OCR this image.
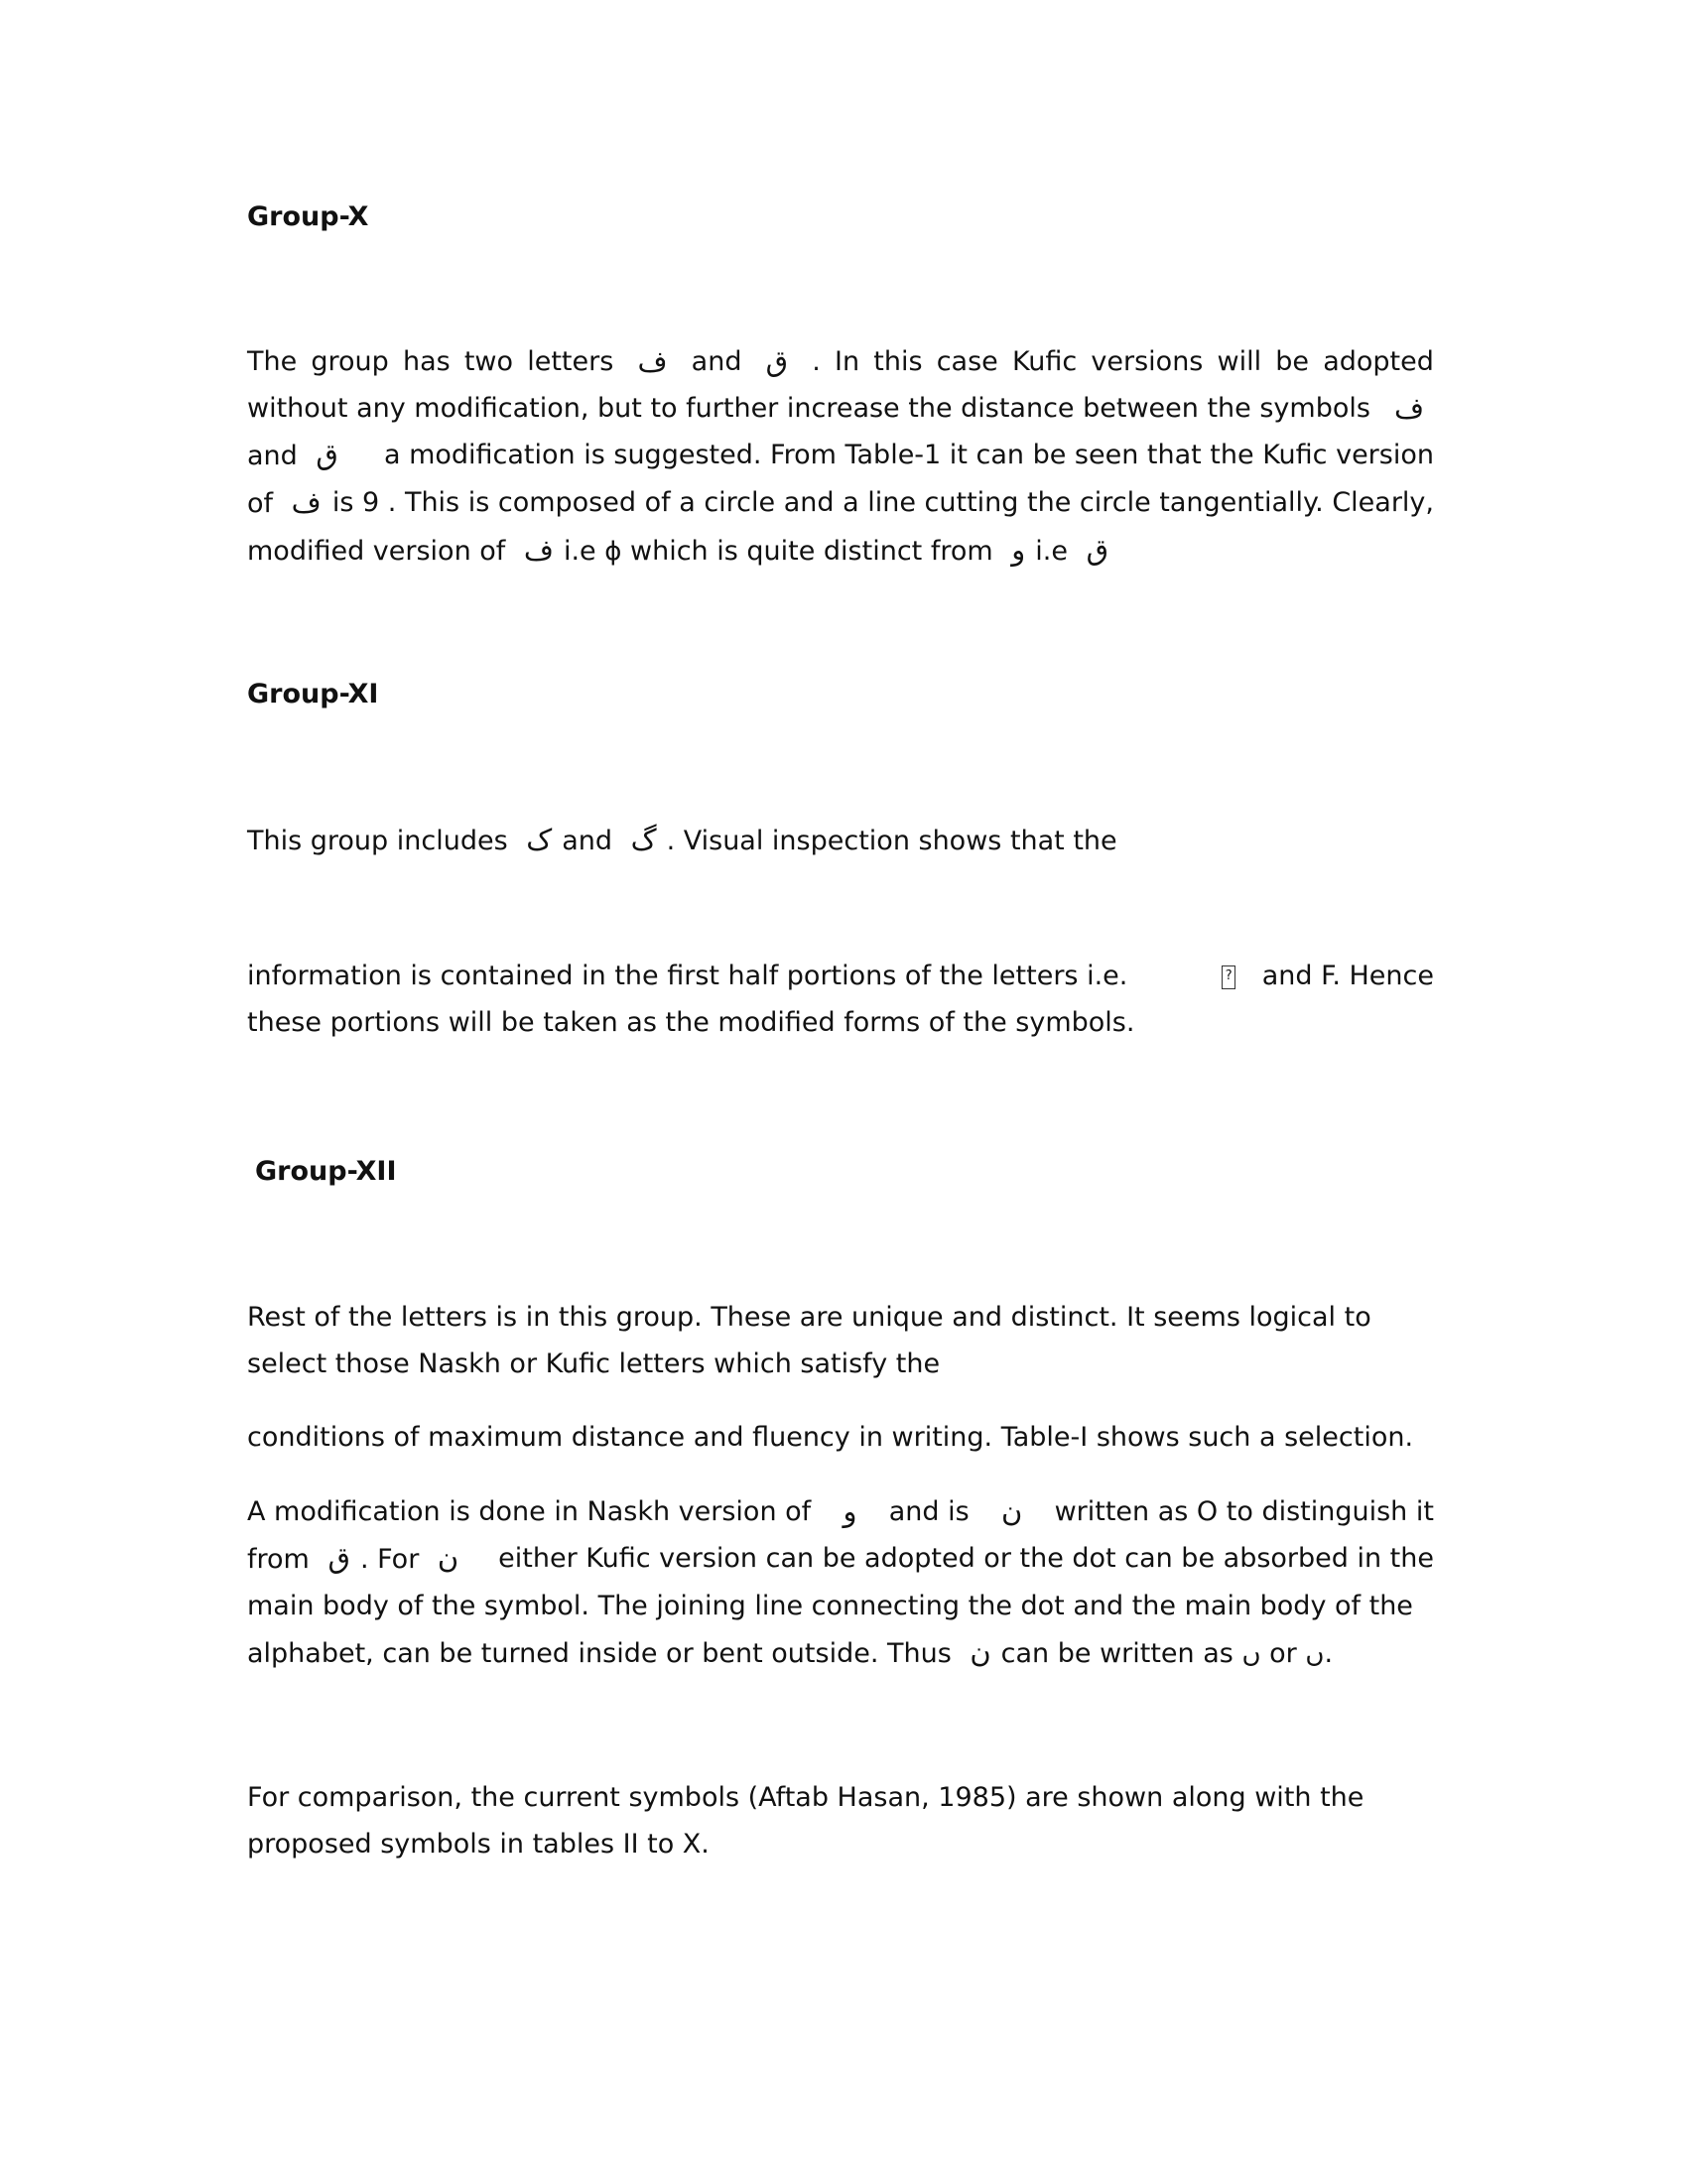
Group-X
The group has two letters ف and ق . In this case Kufic versions will be adopted
without any modification, but to further increase the distance between the symbols ف
and ق	a modification is suggested. From Table-1 it can be seen that the Kufic version
of ف is 9 . This is composed of a circle and a line cutting the circle tangentially. Clearly,
modified version of ف i.e ϕ which is quite distinct from و i.e ق
Group-XI
This group includes ک and گ . Visual inspection shows that the
information is contained in the first half portions of the letters i.e.	? and F. Hence
these portions will be taken as the modified forms of the symbols.
Group-XII
Rest of the letters is in this group. These are unique and distinct. It seems logical to
select those Naskh or Kufic letters which satisfy the
conditions of maximum distance and fluency in writing. Table-I shows such a selection.
A modification is done in Naskh version of	و	and is	ن	written as O to distinguish it
from ق . For ن	either Kufic version can be adopted or the dot can be absorbed in the
main body of the symbol. The joining line connecting the dot and the main body of the
alphabet, can be turned inside or bent outside. Thus ن can be written as ں or ں.
For comparison, the current symbols (Aftab Hasan, 1985) are shown along with the
proposed symbols in tables II to X.
